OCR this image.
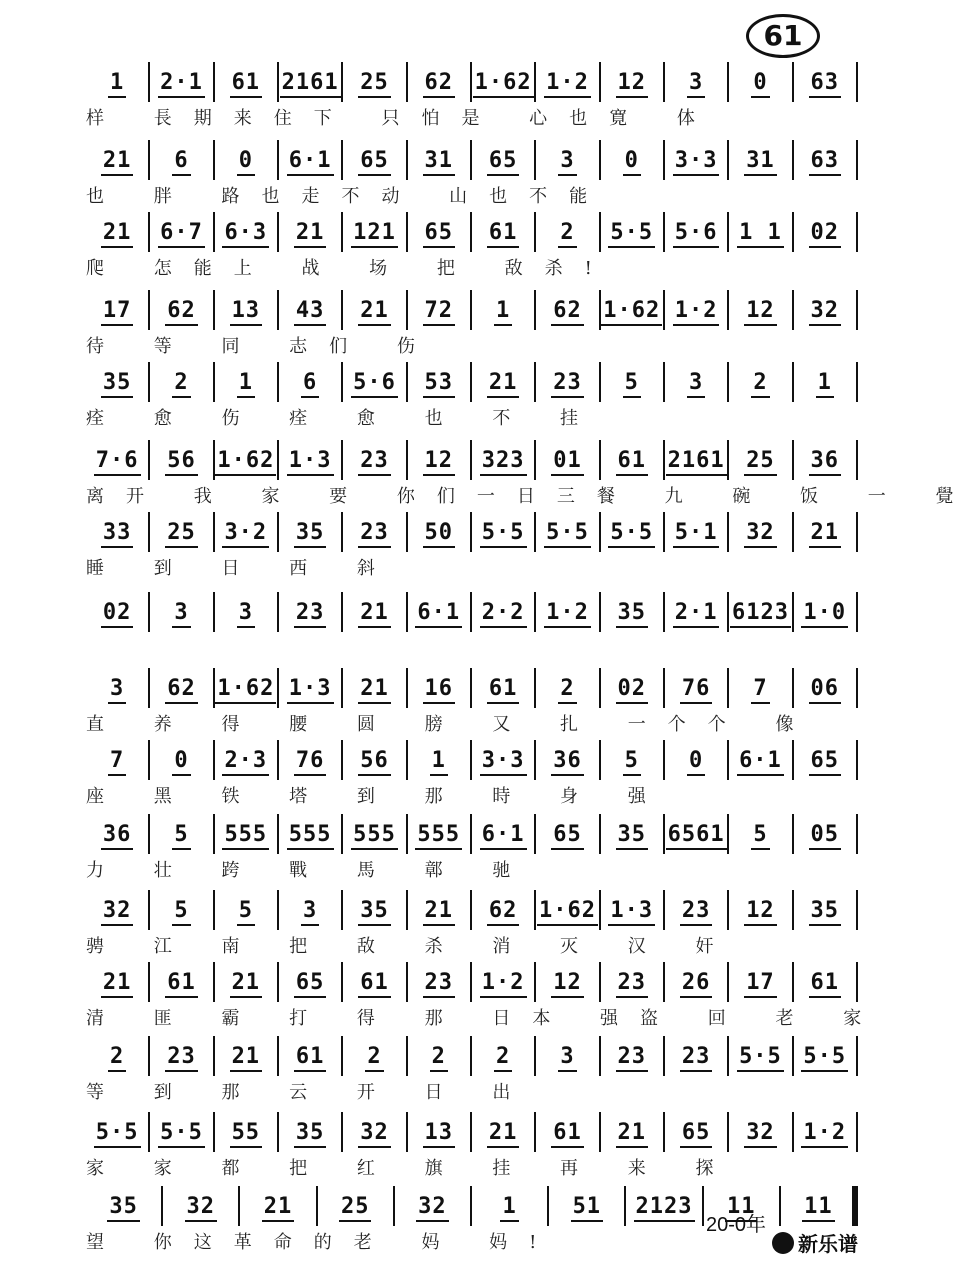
61
1 2·1 61 2161 25 62 1·62 1·2 12 3 0 63
样 長期来住下 只怕是 心也寛 体
21 6 0 6·1 65 31 65 3 0 3·3 31 63
也 胖 路也走不动 山也不能
21 6·7 6·3 21 121 65 61 2 5·5 5·6 1 1 02
爬 怎能上 战 场 把 敌杀!
17 62 13 43 21 72 1 62 1·62 1·2 12 32
待 等 同 志们 伤
35 2 1 6 5·6 53 21 23 5 3 2 1
痊 愈 伤 痊 愈 也 不 挂
7·6 56 1·62 1·3 23 12 323 01 61 2161 25 36
离开 我 家 要 你们一日三餐 九 碗 饭 一 覺
33 25 3·2 35 23 50 5·5 5·5 5·5 5·1 32 21
睡 到 日 西 斜
02 3 3 23 21 6·1 2·2 1·2 35 2·1 6123 1·0
3 62 1·62 1·3 21 16 61 2 02 76 7 06
直 养 得 腰 圆 膀 又 扎 一个个 像
7 0 2·3 76 56 1 3·3 36 5 0 6·1 65
座 黑 铁 塔 到 那 時 身 强
36 5 555 555 555 555 6·1 65 35 6561 5 05
力 壮 跨 戰 馬 鄣 驰
32 5 5 3 35 21 62 1·62 1·3 23 12 35
骋 江 南 把 敌 杀 消 灭 汉 奸
21 61 21 65 61 23 1·2 12 23 26 17 61
清 匪 霸 打 得 那 日本 强盗 回 老 家
2 23 21 61 2 2 2 3 23 23 5·5 5·5
等 到 那 云 开 日 出
5·5 5·5 55 35 32 13 21 61 21 65 32 1·2
家 家 都 把 红 旗 挂 再 来 探
35 32 21 25 32	1	51 2123 11 11
望 你这革命的老 妈 妈!
20-0年
新乐谱
